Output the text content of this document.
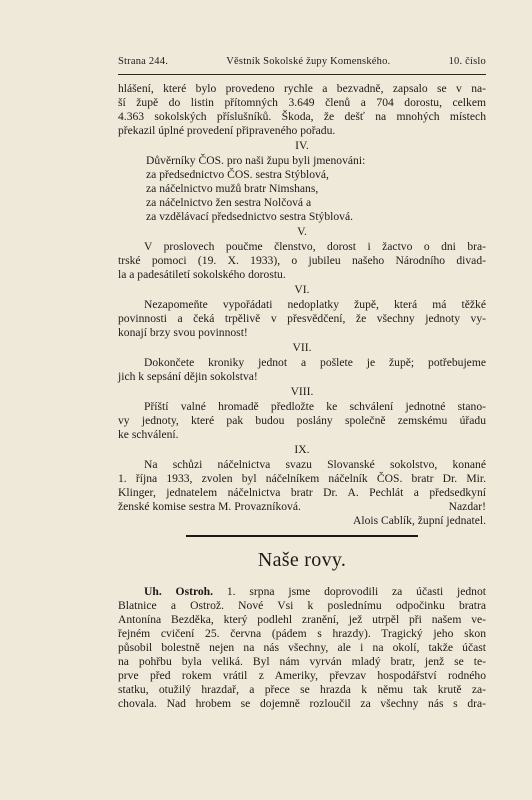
Strana 244.	Věstník Sokolské župy Komenského.	10. číslo
hlášení, které bylo provedeno rychle a bezvadně, zapsalo se v na-
ší župě do listin přítomných 3.649 členů a 704 dorostu, celkem
4.363 sokolských příslušníků. Škoda, že dešť na mnohých místech
překazil úplné provedení připraveného pořadu.
IV.
Důvěrníky ČOS. pro naši župu byli jmenováni:
za předsednictvo ČOS. sestra Stýblová,
za náčelnictvo mužů bratr Nimshans,
za náčelnictvo žen sestra Nolčová a
za vzdělávací předsednictvo sestra Stýblová.
V.
V proslovech poučme členstvo, dorost i žactvo o dni bra-
trské pomoci (19. X. 1933), o jubileu našeho Národního divad-
la a padesátiletí sokolského dorostu.
VI.
Nezapomeňte vypořádati nedoplatky župě, která má těžké
povinnosti a čeká trpělivě v přesvědčení, že všechny jednoty vy-
konají brzy svou povinnost!
VII.
Dokončete kroniky jednot a pošlete je župě; potřebujeme
jich k sepsání dějin sokolstva!
VIII.
Příští valné hromadě předložte ke schválení jednotné stano-
vy jednoty, které pak budou poslány společně zemskému úřadu
ke schválení.
IX.
Na schůzi náčelnictva svazu Slovanské sokolstvo, konané
1. října 1933, zvolen byl náčelníkem náčelník ČOS. bratr Dr. Mir.
Klinger, jednatelem náčelnictva bratr Dr. A. Pechlát a předsedkyní
ženské komise sestra M. Provazníková.	Nazdar!
Alois Cablík, župní jednatel.
Naše rovy.
Uh. Ostroh. 1. srpna jsme doprovodili za účasti jednot
Blatnice a Ostrož. Nové Vsi k poslednímu odpočinku bratra
Antonína Bezděka, který podlehl zranění, jež utrpěl při našem ve-
řejném cvičení 25. června (pádem s hrazdy). Tragický jeho skon
působil bolestně nejen na nás všechny, ale i na okolí, takže účast
na pohřbu byla veliká. Byl nám vyrván mladý bratr, jenž se te-
prve před rokem vrátil z Ameriky, převzav hospodářství rodného
statku, otužilý hrazdař, a přece se hrazda k němu tak krutě za-
chovala. Nad hrobem se dojemně rozloučil za všechny nás s dra-
